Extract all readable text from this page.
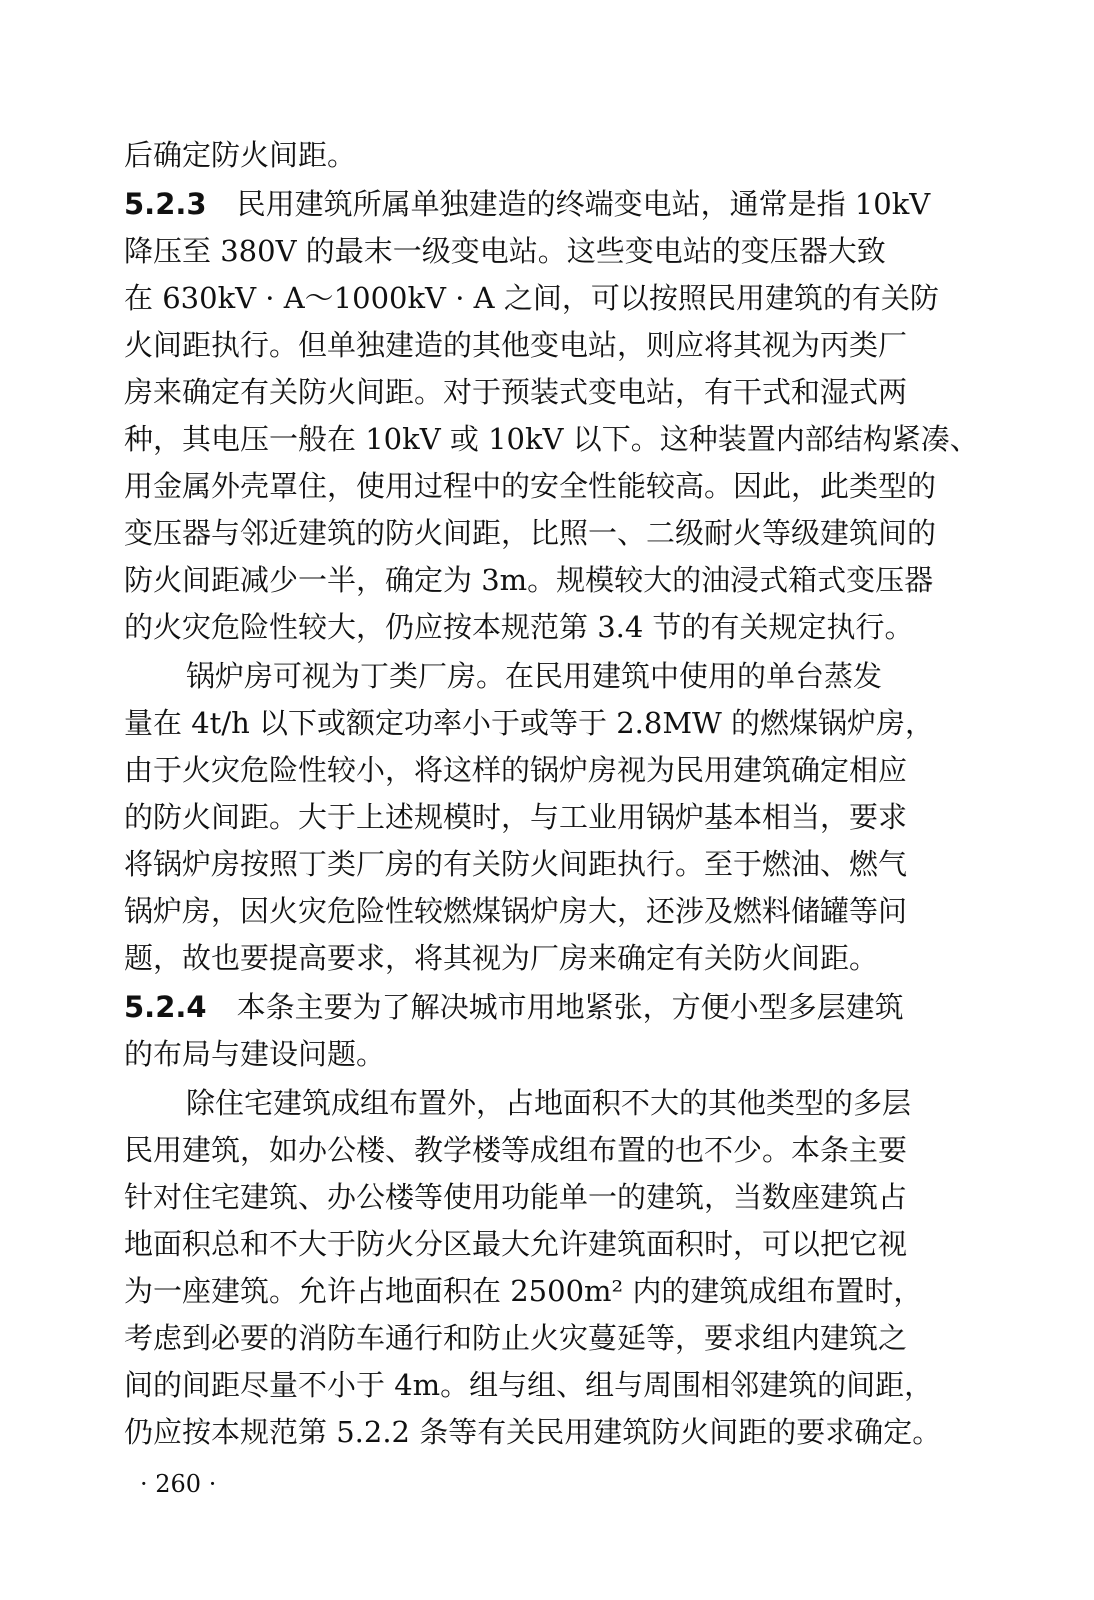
后确定防火间距。
5.2.3 民用建筑所属单独建造的终端变电站，通常是指 10kV
降压至 380V 的最末一级变电站。这些变电站的变压器大致
在 630kV · A～1000kV · A 之间，可以按照民用建筑的有关防
火间距执行。但单独建造的其他变电站，则应将其视为丙类厂
房来确定有关防火间距。对于预装式变电站，有干式和湿式两
种，其电压一般在 10kV 或 10kV 以下。这种装置内部结构紧凑、
用金属外壳罩住，使用过程中的安全性能较高。因此，此类型的
变压器与邻近建筑的防火间距，比照一、二级耐火等级建筑间的
防火间距减少一半，确定为 3m。规模较大的油浸式箱式变压器
的火灾危险性较大，仍应按本规范第 3.4 节的有关规定执行。
锅炉房可视为丁类厂房。在民用建筑中使用的单台蒸发
量在 4t/h 以下或额定功率小于或等于 2.8MW 的燃煤锅炉房，
由于火灾危险性较小，将这样的锅炉房视为民用建筑确定相应
的防火间距。大于上述规模时，与工业用锅炉基本相当，要求
将锅炉房按照丁类厂房的有关防火间距执行。至于燃油、燃气
锅炉房，因火灾危险性较燃煤锅炉房大，还涉及燃料储罐等问
题，故也要提高要求，将其视为厂房来确定有关防火间距。
5.2.4 本条主要为了解决城市用地紧张，方便小型多层建筑
的布局与建设问题。
除住宅建筑成组布置外，占地面积不大的其他类型的多层
民用建筑，如办公楼、教学楼等成组布置的也不少。本条主要
针对住宅建筑、办公楼等使用功能单一的建筑，当数座建筑占
地面积总和不大于防火分区最大允许建筑面积时，可以把它视
为一座建筑。允许占地面积在 2500m² 内的建筑成组布置时，
考虑到必要的消防车通行和防止火灾蔓延等，要求组内建筑之
间的间距尽量不小于 4m。组与组、组与周围相邻建筑的间距，
仍应按本规范第 5.2.2 条等有关民用建筑防火间距的要求确定。
· 260 ·
